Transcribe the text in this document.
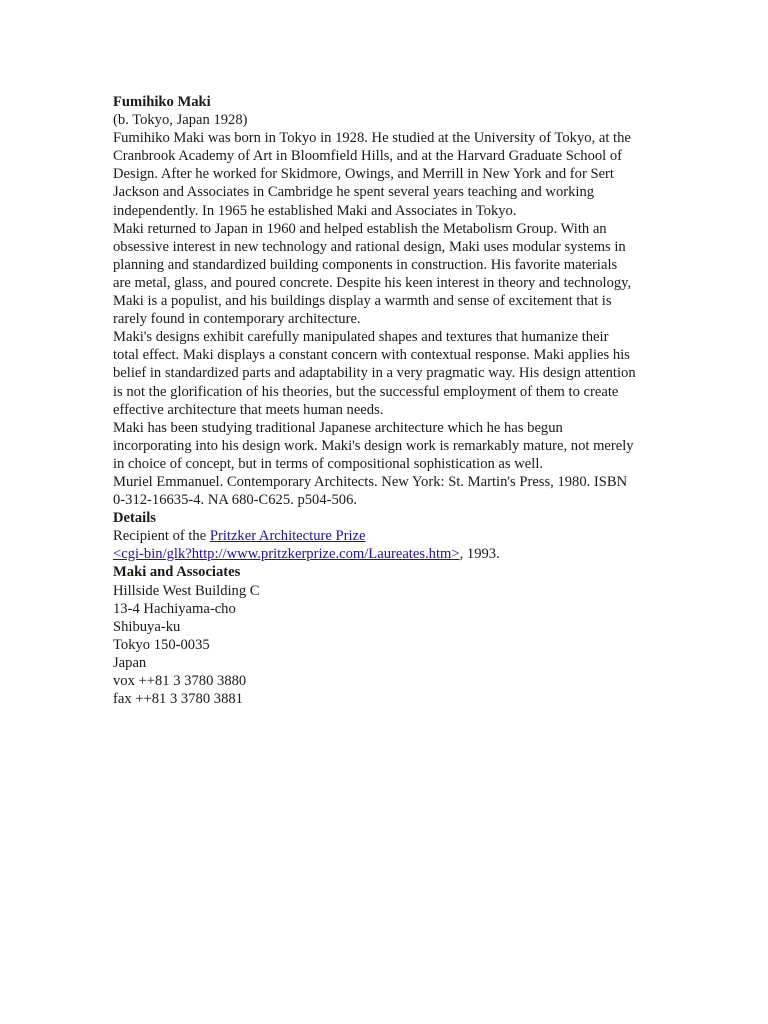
Fumihiko Maki
(b. Tokyo, Japan 1928)
Fumihiko Maki was born in Tokyo in 1928. He studied at the University of Tokyo, at the
Cranbrook Academy of Art in Bloomfield Hills, and at the Harvard Graduate School of
Design. After he worked for Skidmore, Owings, and Merrill in New York and for Sert
Jackson and Associates in Cambridge he spent several years teaching and working
independently. In 1965 he established Maki and Associates in Tokyo.
Maki returned to Japan in 1960 and helped establish the Metabolism Group. With an
obsessive interest in new technology and rational design, Maki uses modular systems in
planning and standardized building components in construction. His favorite materials
are metal, glass, and poured concrete. Despite his keen interest in theory and technology,
Maki is a populist, and his buildings display a warmth and sense of excitement that is
rarely found in contemporary architecture.
Maki's designs exhibit carefully manipulated shapes and textures that humanize their
total effect. Maki displays a constant concern with contextual response. Maki applies his
belief in standardized parts and adaptability in a very pragmatic way. His design attention
is not the glorification of his theories, but the successful employment of them to create
effective architecture that meets human needs.
Maki has been studying traditional Japanese architecture which he has begun
incorporating into his design work. Maki's design work is remarkably mature, not merely
in choice of concept, but in terms of compositional sophistication as well.
Muriel Emmanuel. Contemporary Architects. New York: St. Martin's Press, 1980. ISBN
0-312-16635-4. NA 680-C625. p504-506.
Details
Recipient of the Pritzker Architecture Prize
<cgi-bin/glk?http://www.pritzkerprize.com/Laureates.htm>, 1993.
Maki and Associates
Hillside West Building C
13-4 Hachiyama-cho
Shibuya-ku
Tokyo 150-0035
Japan
vox ++81 3 3780 3880
fax ++81 3 3780 3881
